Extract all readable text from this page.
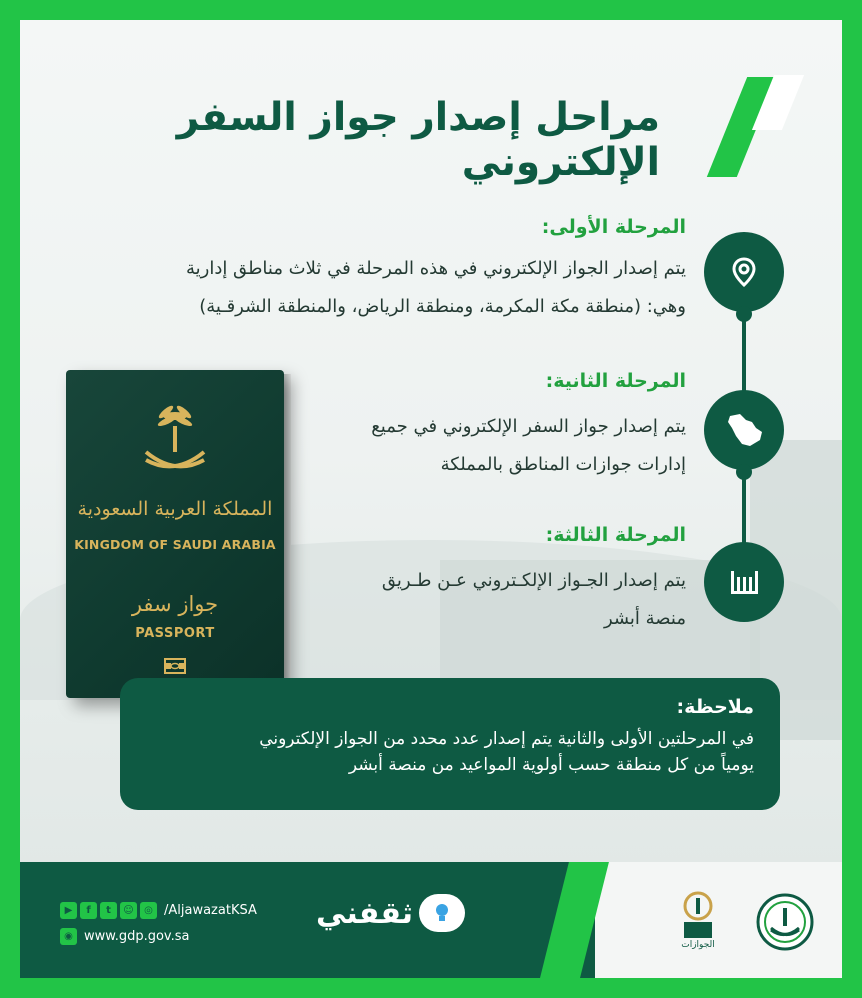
مراحل إصدار جواز السفر الإلكتروني
المرحلة الأولى:
يتم إصدار الجواز الإلكتروني في هذه المرحلة في ثلاث مناطق إدارية
وهي: (منطقة مكة المكرمة، ومنطقة الرياض، والمنطقة الشرقـية)
المرحلة الثانية:
يتم إصدار جواز السفر الإلكتروني في جميع
إدارات جوازات المناطق بالمملكة
المرحلة الثالثة:
يتم إصدار الجـواز الإلكـتروني عـن طـريق
منصة أبشر
المملكة العربية السعودية
KINGDOM OF SAUDI ARABIA
جواز سفر
PASSPORT
ملاحظة:
في المرحلتين الأولى والثانية يتم إصدار عدد محدد من الجواز الإلكتروني
يومياً من كل منطقة حسب أولوية المواعيد من منصة أبشر
▶	f	t	☺	◎ /AljawazatKSA
◉ www.gdp.gov.sa
ثقفني
الجوازات
